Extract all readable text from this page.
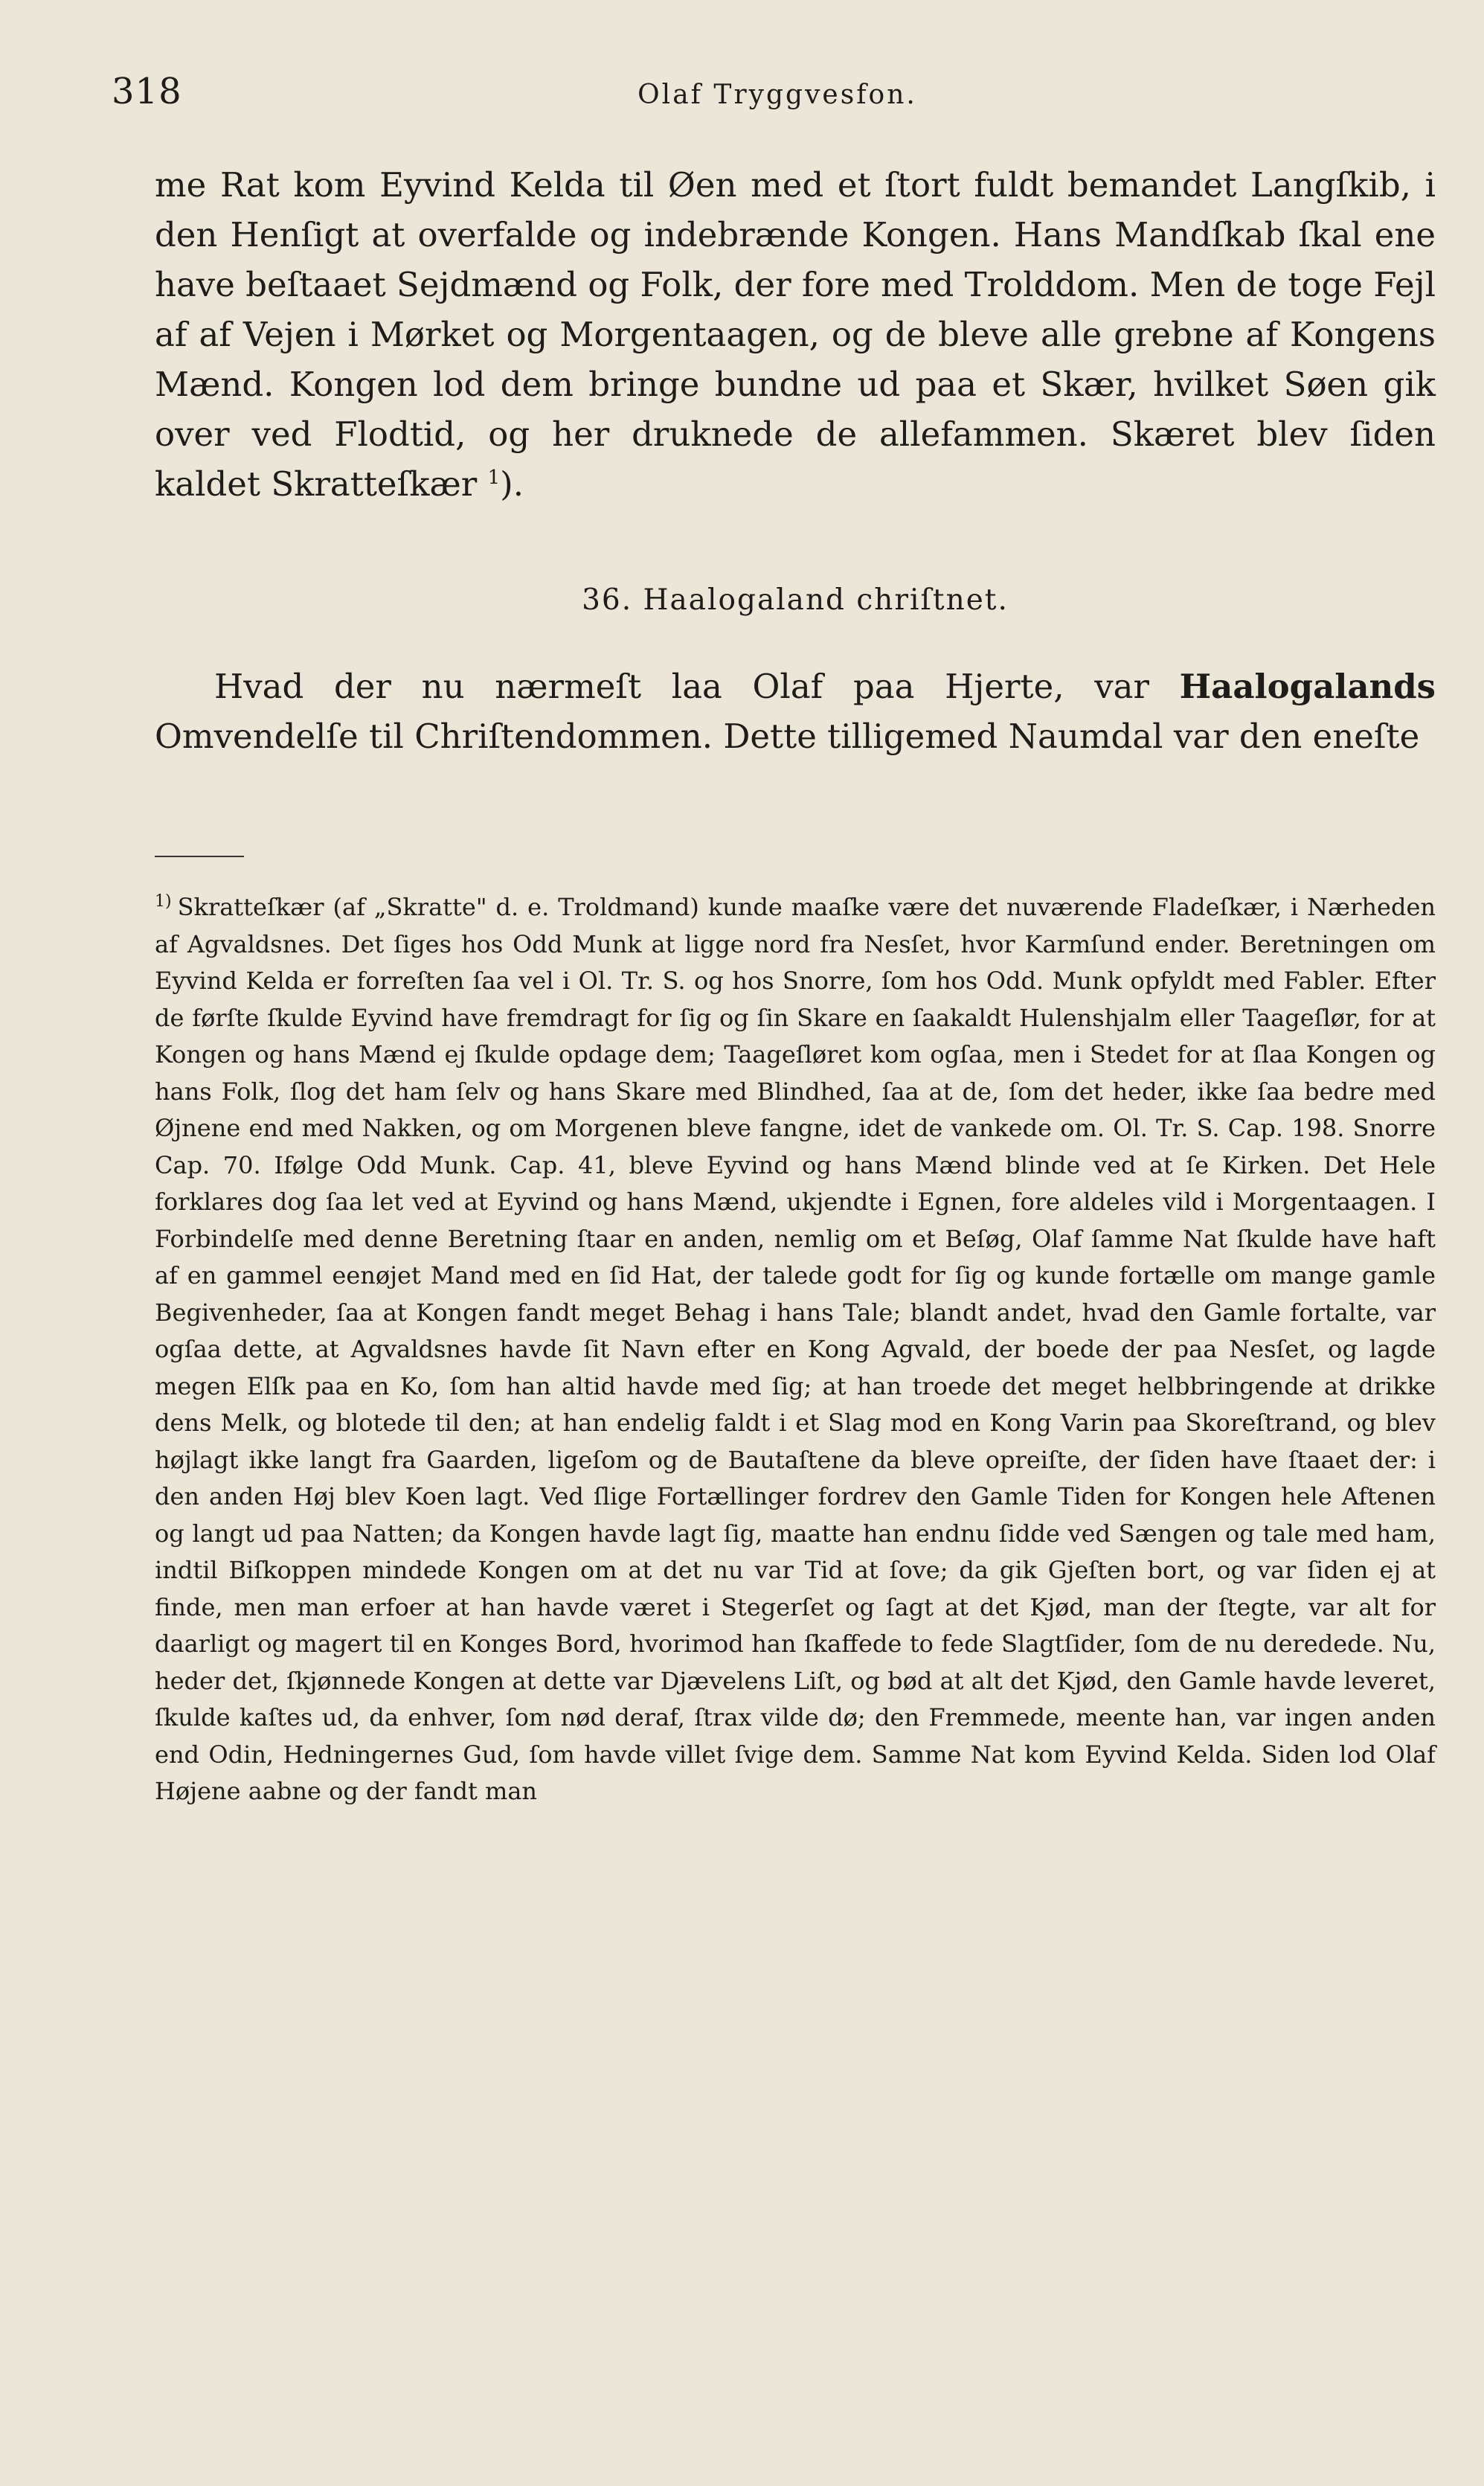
318	Olaf Tryggvesfon.

me Rat kom Eyvind Kelda til Øen med et ſtort fuldt bemandet Langſkib, i den Henſigt at overfalde og indebrænde Kongen. Hans Mandſkab ſkal ene have beſtaaet Sejdmænd og Folk, der fore med Trolddom. Men de toge Fejl af af Vejen i Mørket og Morgentaagen, og de bleve alle grebne af Kongens Mænd. Kongen lod dem bringe bundne ud paa et Skær, hvilket Søen gik over ved Flodtid, og her druknede de allefammen. Skæret blev ſiden kaldet Skratteſkær $^1$).

36. Haalogaland chriſtnet.

Hvad der nu nærmeſt laa Olaf paa Hjerte, var Haalogalands Omvendelſe til Chriſtendommen. Dette tilligemed Naumdal var den eneſte

$^{1)}$ Skratteſkær (af „Skratte" d. e. Troldmand) kunde maaſke være det nuværende Fladeſkær, i Nærheden af Agvaldsnes. Det ſiges hos Odd Munk at ligge nord fra Nesſet, hvor Karmſund ender. Beretningen om Eyvind Kelda er forreſten ſaa vel i Ol. Tr. S. og hos Snorre, ſom hos Odd. Munk opfyldt med Fabler. Efter de førſte ſkulde Eyvind have fremdragt for ſig og ſin Skare en ſaakaldt Hulenshjalm eller Taageſlør, for at Kongen og hans Mænd ej ſkulde opdage dem; Taageſløret kom ogſaa, men i Stedet for at ſlaa Kongen og hans Folk, ſlog det ham ſelv og hans Skare med Blindhed, ſaa at de, ſom det heder, ikke ſaa bedre med Øjnene end med Nakken, og om Morgenen bleve fangne, idet de vankede om. Ol. Tr. S. Cap. 198. Snorre Cap. 70. Ifølge Odd Munk. Cap. 41, bleve Eyvind og hans Mænd blinde ved at ſe Kirken. Det Hele forklares dog ſaa let ved at Eyvind og hans Mænd, ukjendte i Egnen, fore aldeles vild i Morgentaagen. I Forbindelſe med denne Beretning ſtaar en anden, nemlig om et Beſøg, Olaf ſamme Nat ſkulde have haft af en gammel eenøjet Mand med en ſid Hat, der talede godt for ſig og kunde fortælle om mange gamle Begivenheder, ſaa at Kongen fandt meget Behag i hans Tale; blandt andet, hvad den Gamle fortalte, var ogſaa dette, at Agvaldsnes havde ſit Navn efter en Kong Agvald, der boede der paa Nesſet, og lagde megen Elſk paa en Ko, ſom han altid havde med ſig; at han troede det meget helbbringende at drikke dens Melk, og blotede til den; at han endelig faldt i et Slag mod en Kong Varin paa Skoreſtrand, og blev højlagt ikke langt fra Gaarden, ligeſom og de Bautaſtene da bleve opreiſte, der ſiden have ſtaaet der: i den anden Høj blev Koen lagt. Ved ſlige Fortællinger fordrev den Gamle Tiden for Kongen hele Aftenen og langt ud paa Natten; da Kongen havde lagt ſig, maatte han endnu ſidde ved Sængen og tale med ham, indtil Biſkoppen mindede Kongen om at det nu var Tid at ſove; da gik Gjeſten bort, og var ſiden ej at finde, men man erfoer at han havde været i Stegerſet og ſagt at det Kjød, man der ſtegte, var alt for daarligt og magert til en Konges Bord, hvorimod han ſkaffede to fede Slagtſider, ſom de nu deredede. Nu, heder det, ſkjønnede Kongen at dette var Djævelens Liſt, og bød at alt det Kjød, den Gamle havde leveret, ſkulde kaſtes ud, da enhver, ſom nød deraf, ſtrax vilde dø; den Fremmede, meente han, var ingen anden end Odin, Hedningernes Gud, ſom havde villet ſvige dem. Samme Nat kom Eyvind Kelda. Siden lod Olaf Højene aabne og der fandt man
